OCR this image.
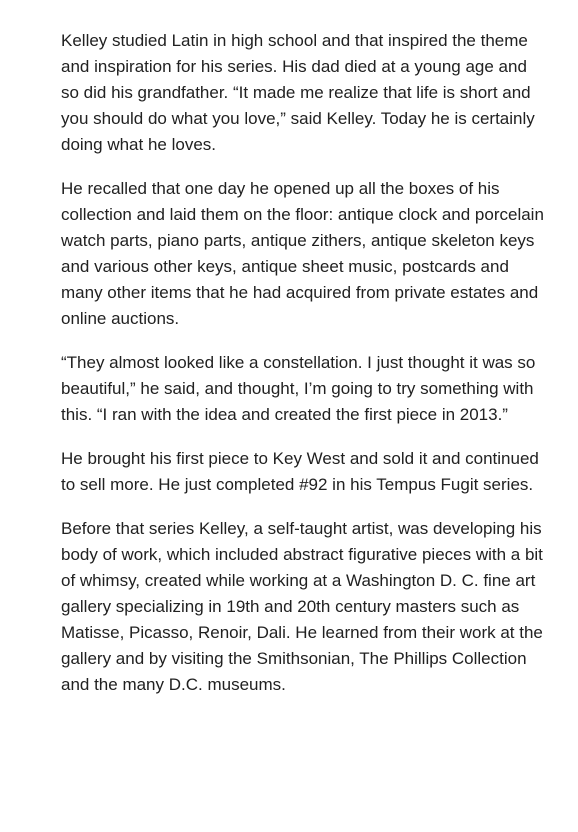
Kelley studied Latin in high school and that inspired the theme and inspiration for his series. His dad died at a young age and so did his grandfather. “It made me realize that life is short and you should do what you love,” said Kelley. Today he is certainly doing what he loves.

He recalled that one day he opened up all the boxes of his collection and laid them on the floor: antique clock and porcelain watch parts, piano parts, antique zithers, antique skeleton keys and various other keys, antique sheet music, postcards and many other items that he had acquired from private estates and online auctions.

“They almost looked like a constellation. I just thought it was so beautiful,” he said, and thought, I’m going to try something with this. “I ran with the idea and created the first piece in 2013.”

He brought his first piece to Key West and sold it and continued to sell more. He just completed #92 in his Tempus Fugit series.

Before that series Kelley, a self-taught artist, was developing his body of work, which included abstract figurative pieces with a bit of whimsy, created while working at a Washington D. C. fine art gallery specializing in 19th and 20th century masters such as Matisse, Picasso, Renoir, Dali. He learned from their work at the gallery and by visiting the Smithsonian, The Phillips Collection and the many D.C. museums.
